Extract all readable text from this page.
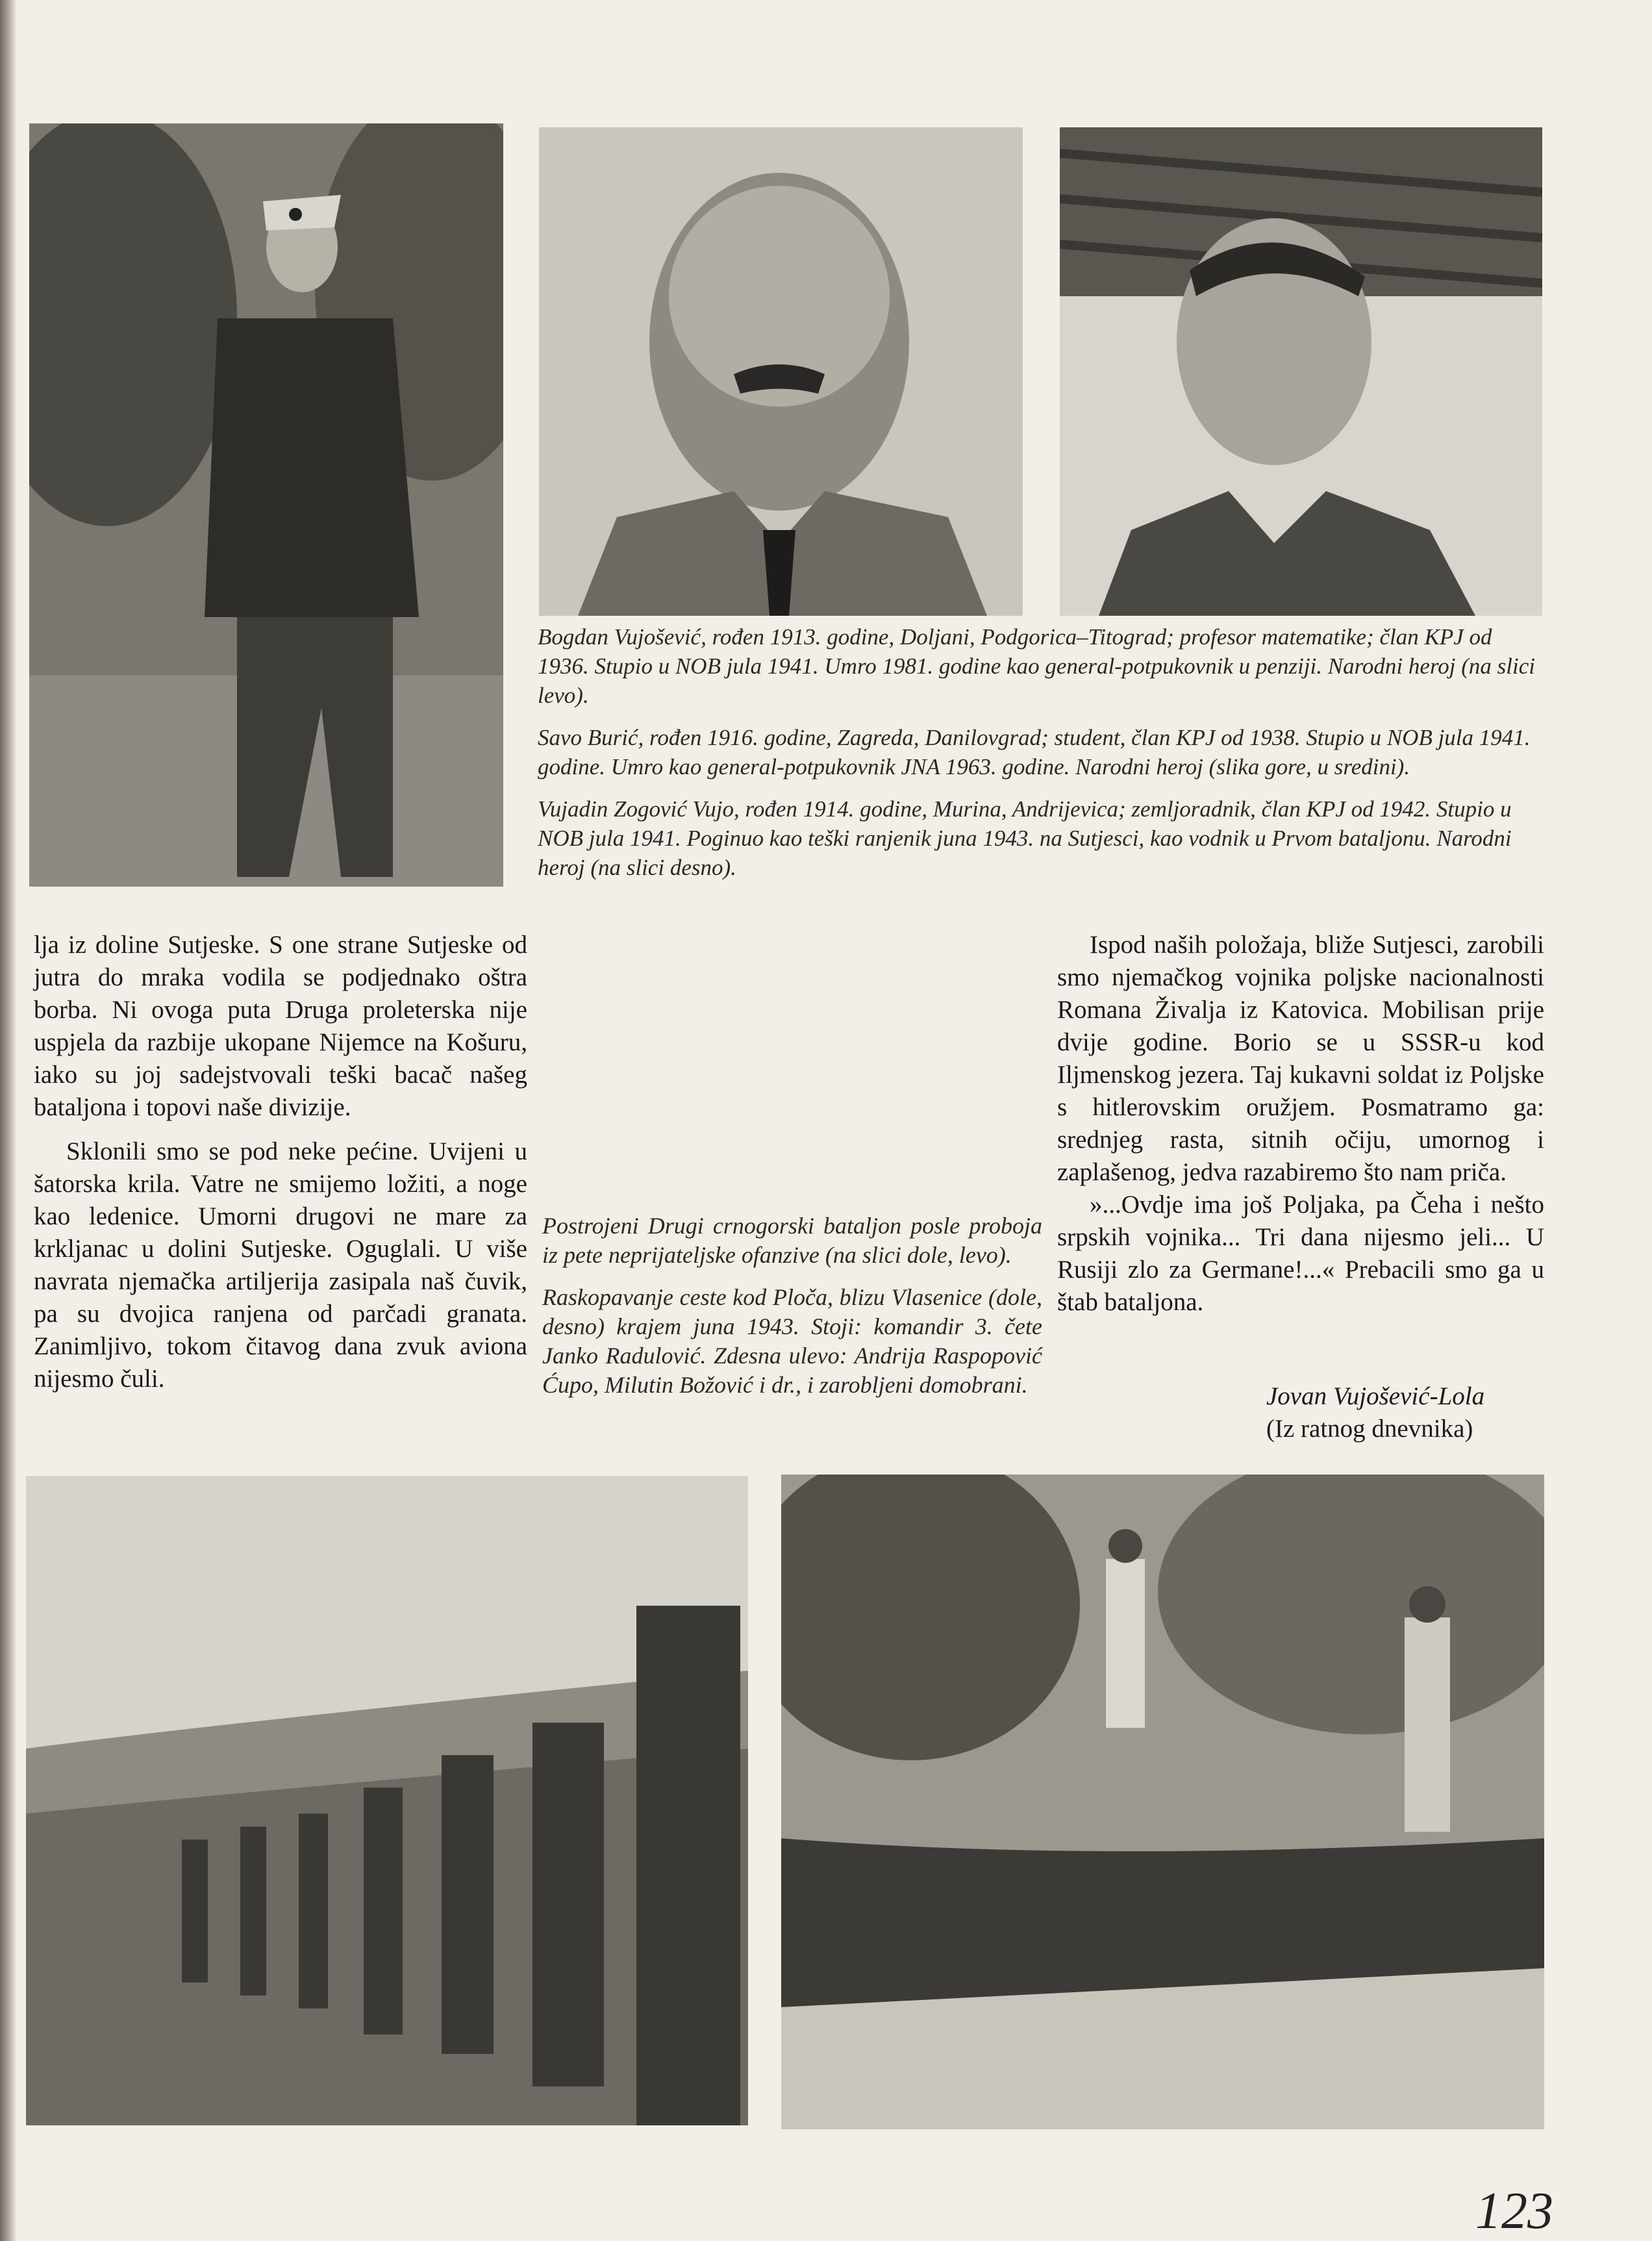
Bogdan Vujošević, rođen 1913. godine, Doljani, Podgorica–Titograd; profesor matematike; član KPJ od 1936. Stupio u NOB jula 1941. Umro 1981. godine kao general-potpukovnik u penziji. Narodni heroj (na slici levo).

Savo Burić, rođen 1916. godine, Zagreda, Danilovgrad; student, član KPJ od 1938. Stupio u NOB jula 1941. godine. Umro kao general-potpukovnik JNA 1963. godine. Narodni heroj (slika gore, u sredini).

Vujadin Zogović Vujo, rođen 1914. godine, Murina, Andrijevica; zemljoradnik, član KPJ od 1942. Stupio u NOB jula 1941. Poginuo kao teški ranjenik juna 1943. na Sutjesci, kao vodnik u Prvom bataljonu. Narodni heroj (na slici desno).

lja iz doline Sutjeske. S one strane Sutjeske od jutra do mraka vodila se podjednako oštra borba. Ni ovoga puta Druga proleterska nije uspjela da razbije ukopane Nijemce na Košuru, iako su joj sadejstvovali teški bacač našeg bataljona i topovi naše divizije.

Sklonili smo se pod neke pećine. Uvijeni u šatorska krila. Vatre ne smijemo ložiti, a noge kao ledenice. Umorni drugovi ne mare za krkljanac u dolini Sutjeske. Oguglali. U više navrata njemačka artiljerija zasipala naš čuvik, pa su dvojica ranjena od parčadi granata. Zanimljivo, tokom čitavog dana zvuk aviona nijesmo čuli.

Postrojeni Drugi crnogorski bataljon posle proboja iz pete neprijateljske ofanzive (na slici dole, levo).

Raskopavanje ceste kod Ploča, blizu Vlasenice (dole, desno) krajem juna 1943. Stoji: komandir 3. čete Janko Radulović. Zdesna ulevo: Andrija Raspopović Ćupo, Milutin Božović i dr., i zarobljeni domobrani.

Ispod naših položaja, bliže Sutjesci, zarobili smo njemačkog vojnika poljske nacionalnosti Romana Živalja iz Katovica. Mobilisan prije dvije godine. Borio se u SSSR-u kod Iljmenskog jezera. Taj kukavni soldat iz Poljske s hitlerovskim oružjem. Posmatramo ga: srednjeg rasta, sitnih očiju, umornog i zaplašenog, jedva razabiremo što nam priča.

»...Ovdje ima još Poljaka, pa Čeha i nešto srpskih vojnika... Tri dana nijesmo jeli... U Rusiji zlo za Germane!...« Prebacili smo ga u štab bataljona.

Jovan Vujošević-Lola
(Iz ratnog dnevnika)
123
